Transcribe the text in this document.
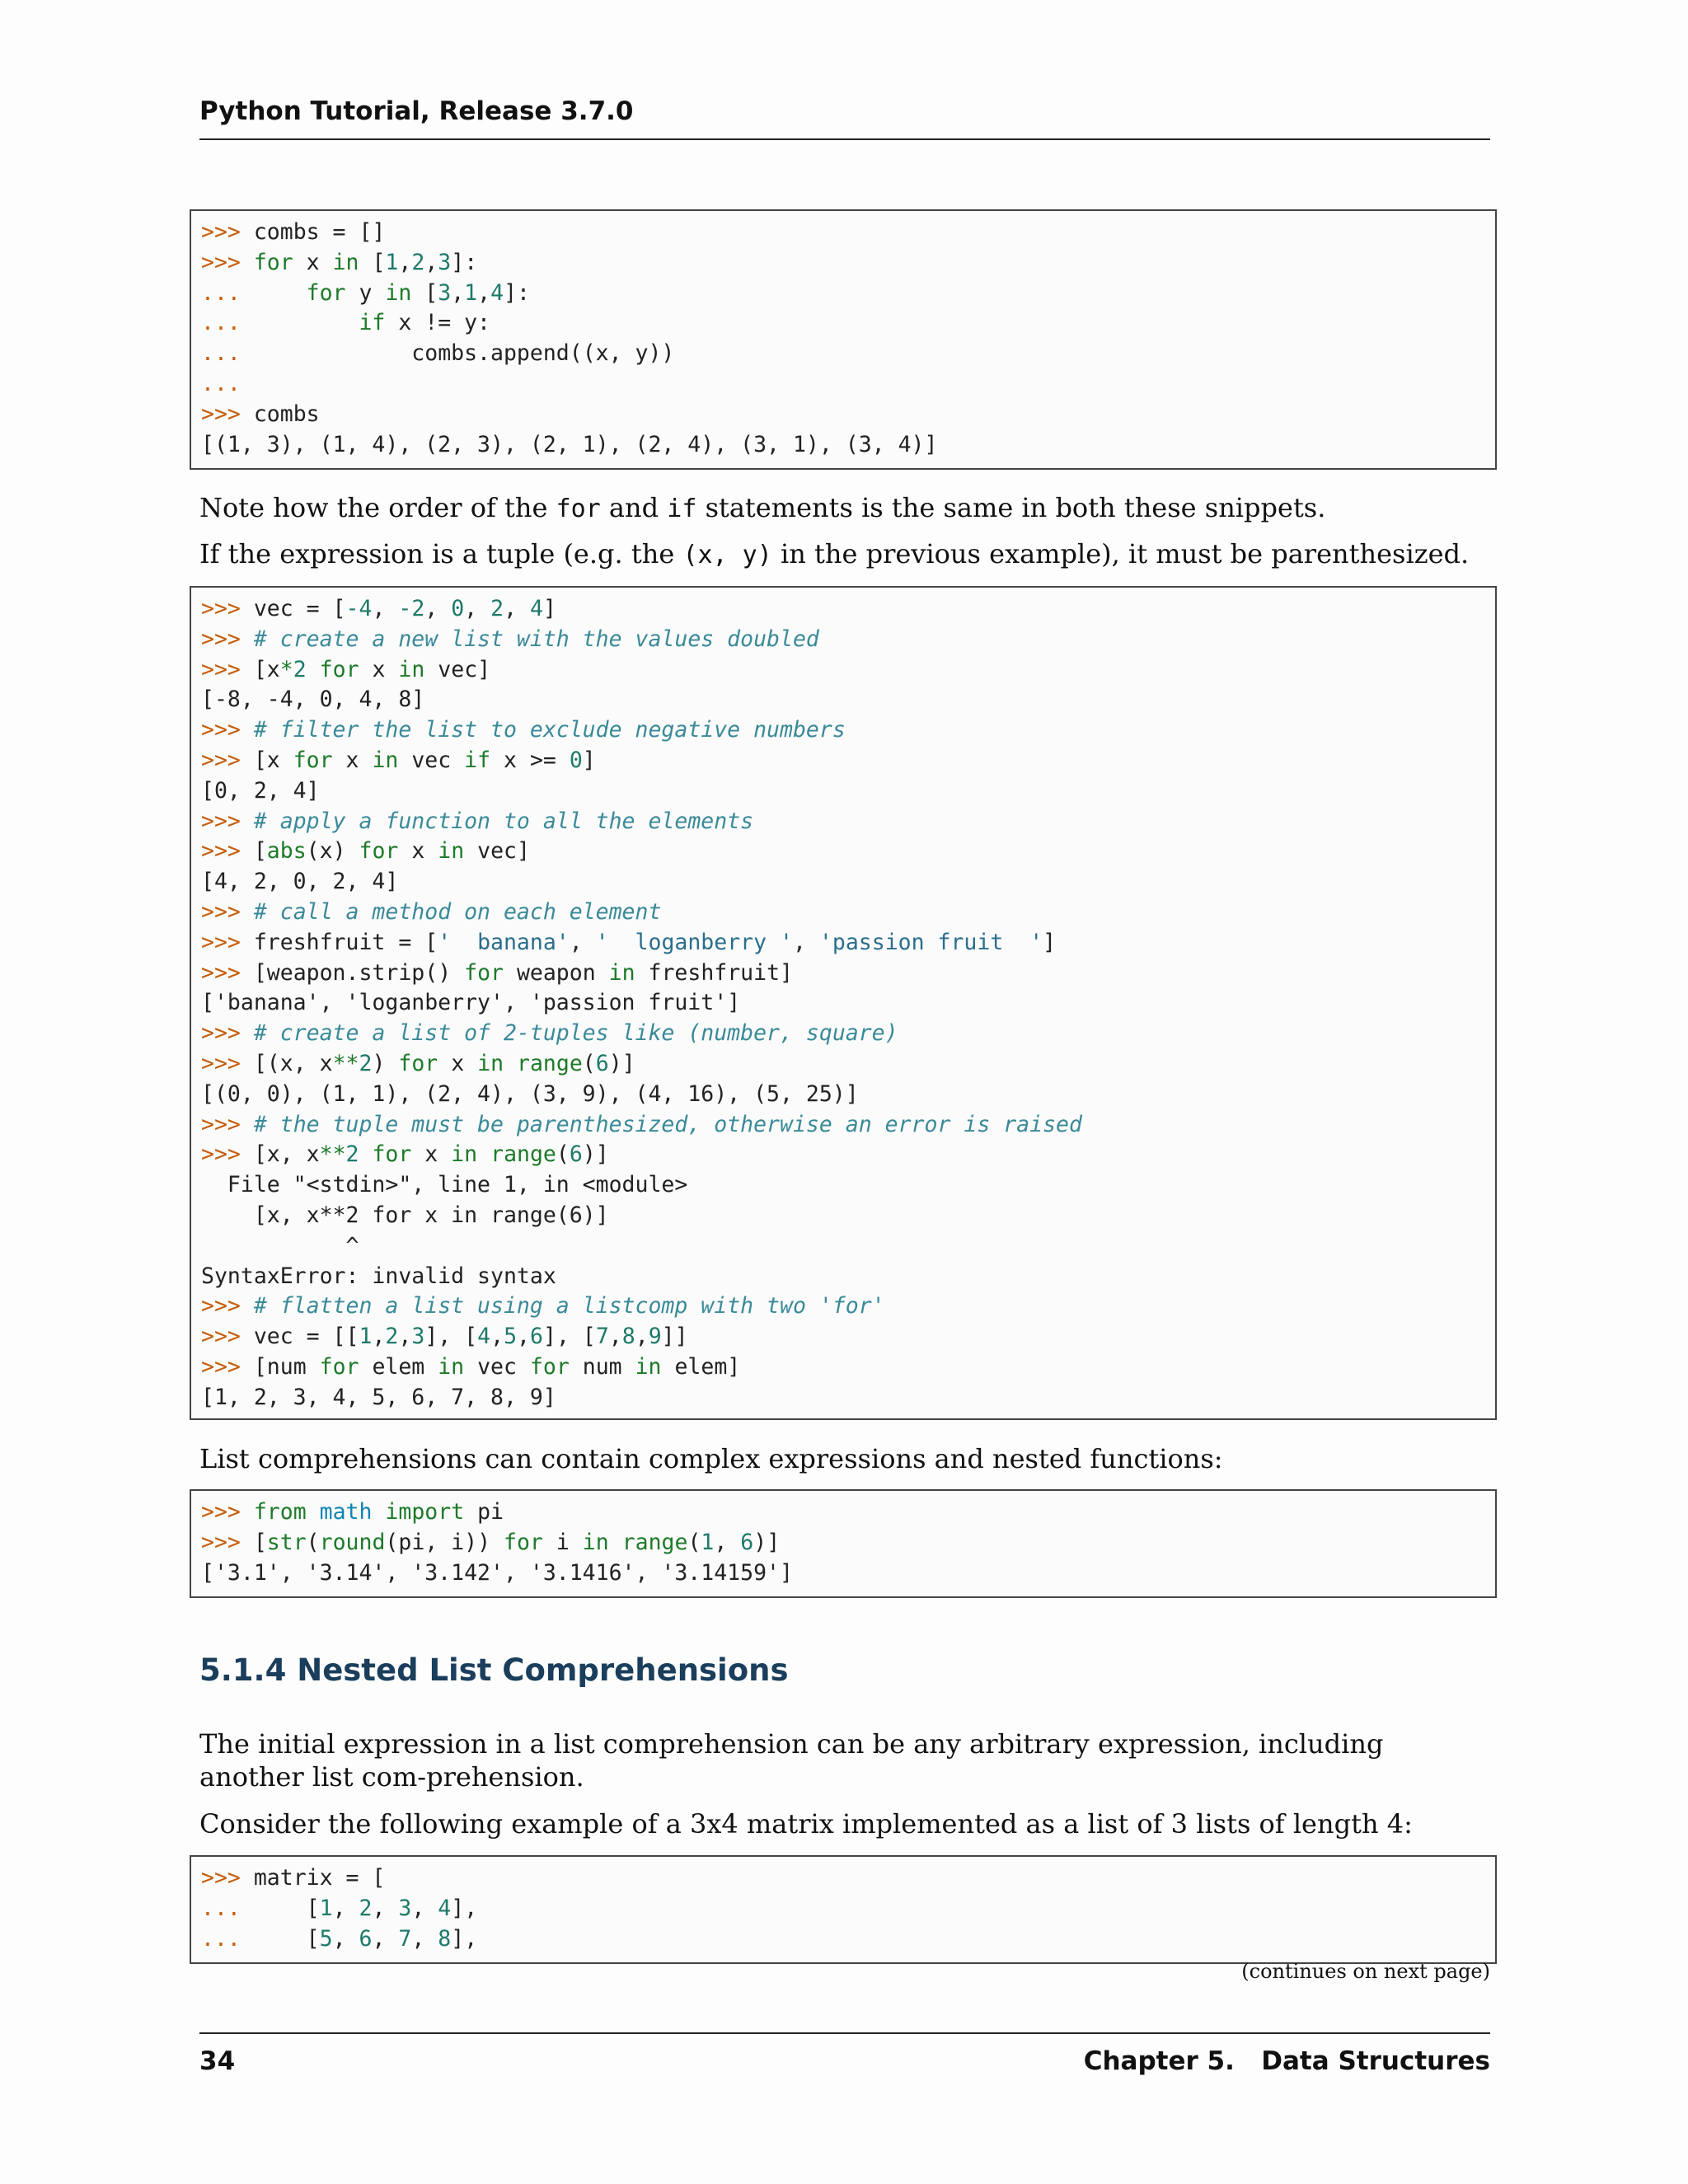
Python Tutorial, Release 3.7.0
>>> combs = []
>>> for x in [1,2,3]:
...     for y in [3,1,4]:
...         if x != y:
...             combs.append((x, y))
...
>>> combs
[(1, 3), (1, 4), (2, 3), (2, 1), (2, 4), (3, 1), (3, 4)]

Note how the order of the for and if statements is the same in both these snippets.

If the expression is a tuple (e.g. the (x, y) in the previous example), it must be parenthesized.

>>> vec = [-4, -2, 0, 2, 4]
>>> # create a new list with the values doubled
>>> [x*2 for x in vec]
[-8, -4, 0, 4, 8]
>>> # filter the list to exclude negative numbers
>>> [x for x in vec if x >= 0]
[0, 2, 4]
>>> # apply a function to all the elements
>>> [abs(x) for x in vec]
[4, 2, 0, 2, 4]
>>> # call a method on each element
>>> freshfruit = ['  banana', '  loganberry ', 'passion fruit  ']
>>> [weapon.strip() for weapon in freshfruit]
['banana', 'loganberry', 'passion fruit']
>>> # create a list of 2-tuples like (number, square)
>>> [(x, x**2) for x in range(6)]
[(0, 0), (1, 1), (2, 4), (3, 9), (4, 16), (5, 25)]
>>> # the tuple must be parenthesized, otherwise an error is raised
>>> [x, x**2 for x in range(6)]
File "<stdin>", line 1, in <module>
[x, x**2 for x in range(6)]
^
SyntaxError: invalid syntax
>>> # flatten a list using a listcomp with two 'for'
>>> vec = [[1,2,3], [4,5,6], [7,8,9]]
>>> [num for elem in vec for num in elem]
[1, 2, 3, 4, 5, 6, 7, 8, 9]

List comprehensions can contain complex expressions and nested functions:

>>> from math import pi
>>> [str(round(pi, i)) for i in range(1, 6)]
['3.1', '3.14', '3.142', '3.1416', '3.14159']
5.1.4 Nested List Comprehensions

The initial expression in a list comprehension can be any arbitrary expression, including another list com-prehension.

Consider the following example of a 3x4 matrix implemented as a list of 3 lists of length 4:

>>> matrix = [
...     [1, 2, 3, 4],
...     [5, 6, 7, 8],
(continues on next page)
34	Chapter 5.   Data Structures
